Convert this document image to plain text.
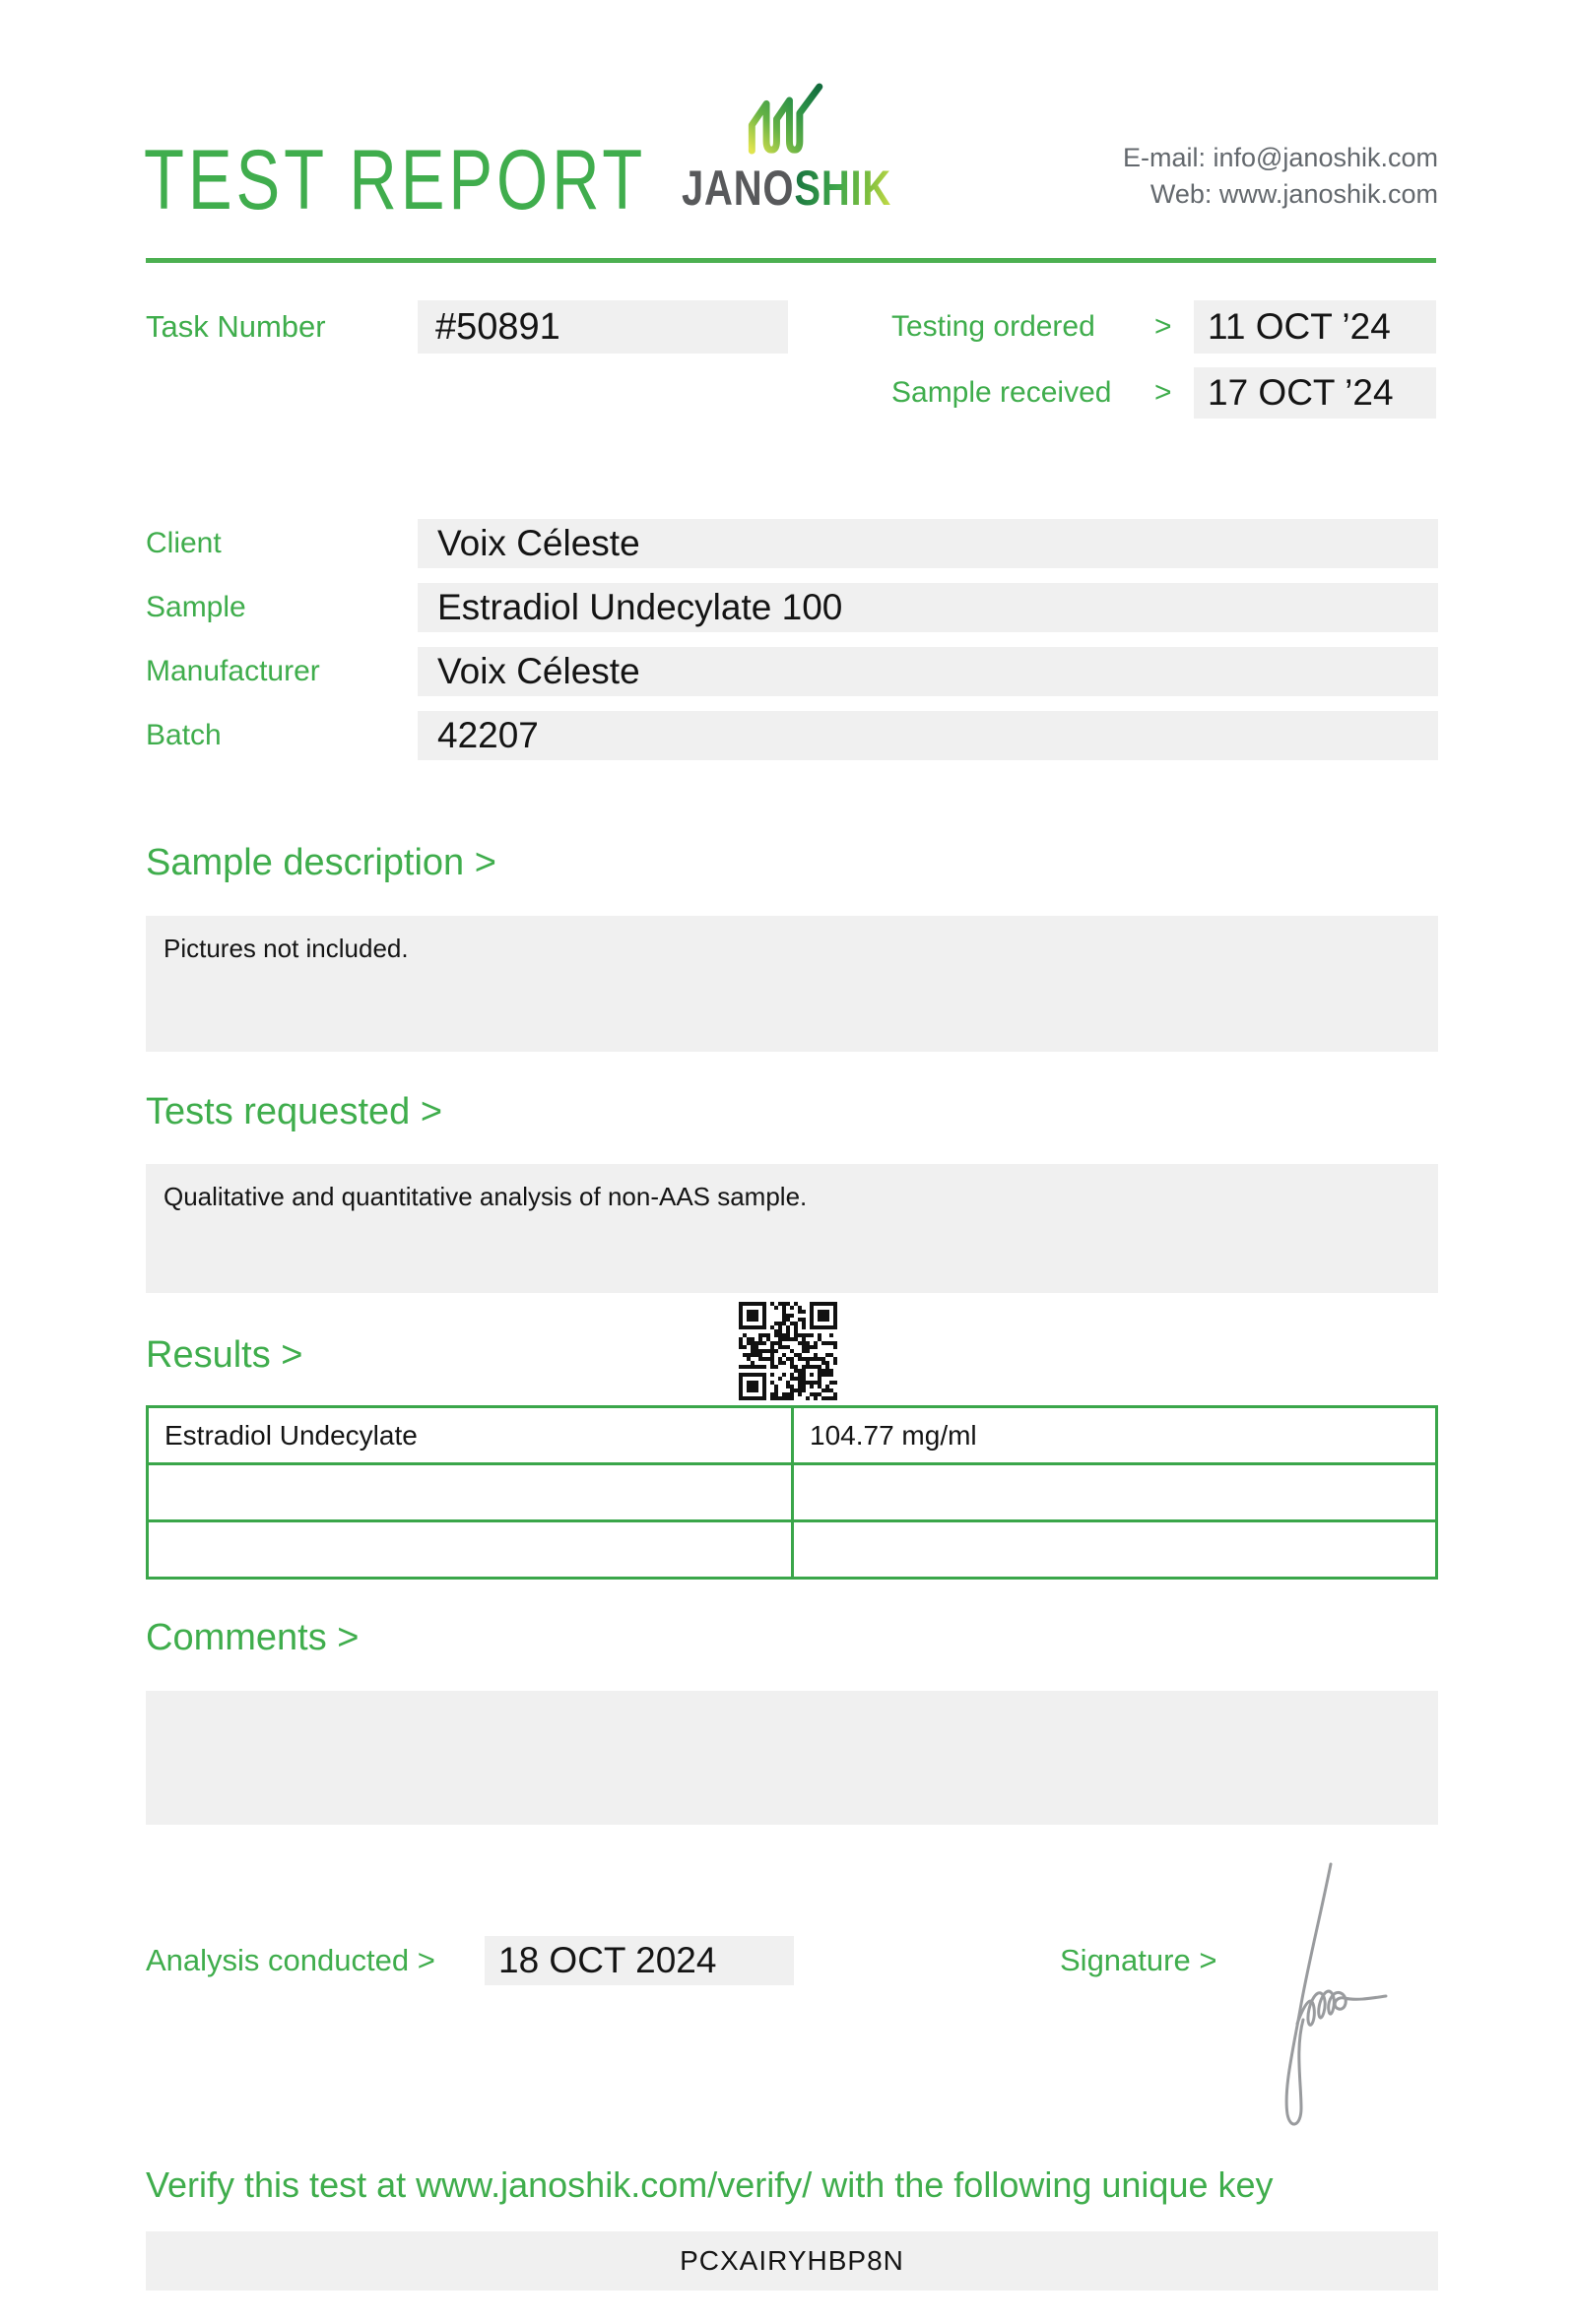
TEST REPORT JANOSHIK
E-mail: info@janoshik.com
Web: www.janoshik.com
Task Number	#50891	Testing ordered > 11 OCT ’24
Sample received > 17 OCT ’24
Client	Voix Céleste
Sample	Estradiol Undecylate 100
Manufacturer	Voix Céleste
Batch	42207
Sample description >
Pictures not included.
Tests requested >
Qualitative and quantitative analysis of non-AAS sample.
Results >
Estradiol Undecylate	104.77 mg/ml
Comments >
Analysis conducted >	18 OCT 2024	Signature >
Verify this test at www.janoshik.com/verify/ with the following unique key
PCXAIRYHBP8N
